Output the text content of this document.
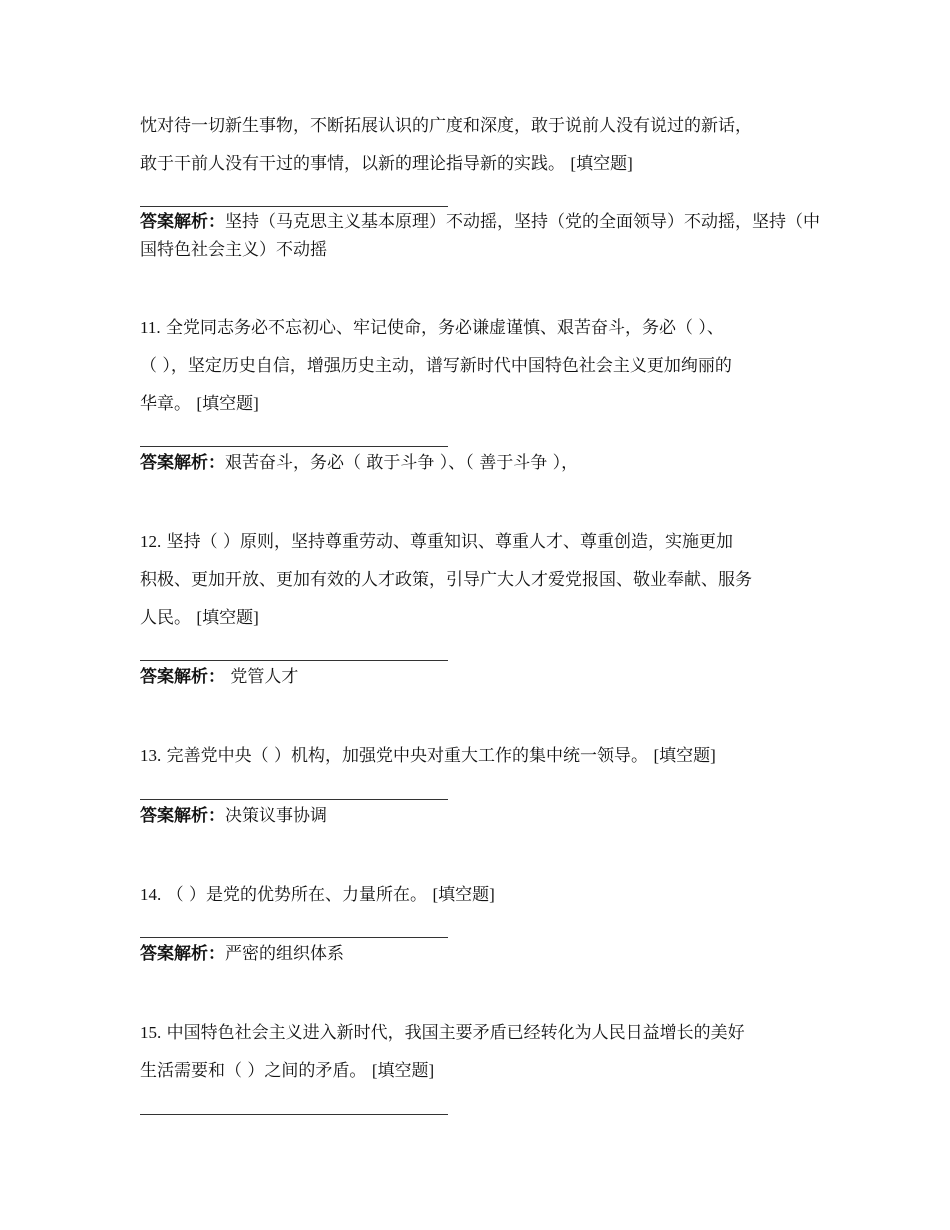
忱对待一切新生事物，不断拓展认识的广度和深度，敢于说前人没有说过的新话，
敢于干前人没有干过的事情，以新的理论指导新的实践。 [填空题]
答案解析：坚持（马克思主义基本原理）不动摇，坚持（党的全面领导）不动摇，坚持（中国特色社会主义）不动摇
11. 全党同志务必不忘初心、牢记使命，务必谦虚谨慎、艰苦奋斗，务必（ ）、
（ ），坚定历史自信，增强历史主动，谱写新时代中国特色社会主义更加绚丽的
华章。 [填空题]
答案解析：艰苦奋斗，务必（ 敢于斗争 ）、（ 善于斗争 ），
12. 坚持（ ）原则，坚持尊重劳动、尊重知识、尊重人才、尊重创造，实施更加
积极、更加开放、更加有效的人才政策，引导广大人才爱党报国、敬业奉献、服务
人民。 [填空题]
答案解析： 党管人才
13. 完善党中央（ ）机构，加强党中央对重大工作的集中统一领导。 [填空题]
答案解析：决策议事协调
14. （ ）是党的优势所在、力量所在。 [填空题]
答案解析：严密的组织体系
15. 中国特色社会主义进入新时代，我国主要矛盾已经转化为人民日益增长的美好
生活需要和（ ）之间的矛盾。 [填空题]
